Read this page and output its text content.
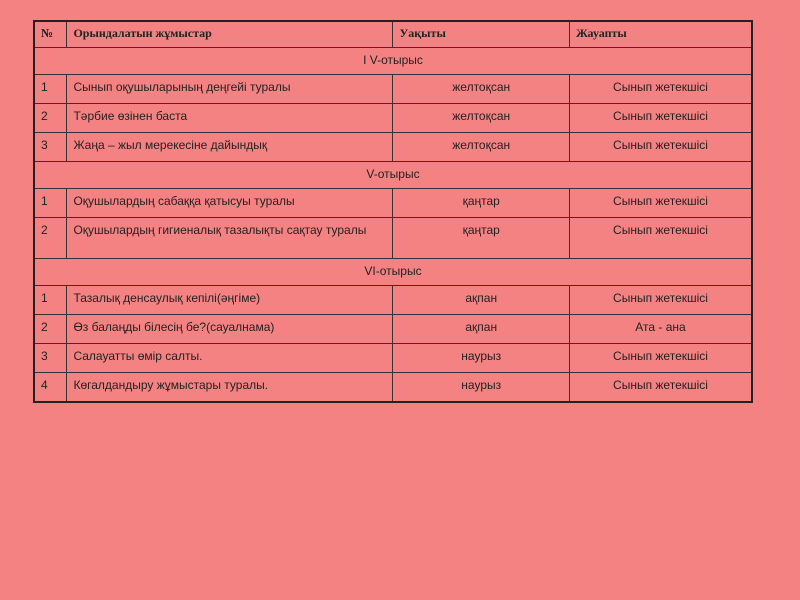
№	Орындалатын жұмыстар	Уақыты	Жауапты
I V-отырыс			
1	Сынып оқушыларының деңгейі туралы	желтоқсан	Сынып жетекшісі
2	Тәрбие өзінен баста	желтоқсан	Сынып жетекшісі
3	Жаңа – жыл мерекесіне дайындық	желтоқсан	Сынып жетекшісі
V-отырыс			
1	Оқушылардың сабаққа қатысуы туралы	қаңтар	Сынып жетекшісі
2	Оқушылардың гигиеналық тазалықты сақтау туралы	қаңтар	Сынып жетекшісі
VI-отырыс			
1	Тазалық денсаулық кепілі(әңгіме)	ақпан	Сынып жетекшісі
2	Өз балаңды білесің бе?(сауалнама)	ақпан	Ата - ана
3	Салауатты өмір салты.	наурыз	Сынып жетекшісі
4	Көгалдандыру жұмыстары туралы.	наурыз	Сынып жетекшісі
